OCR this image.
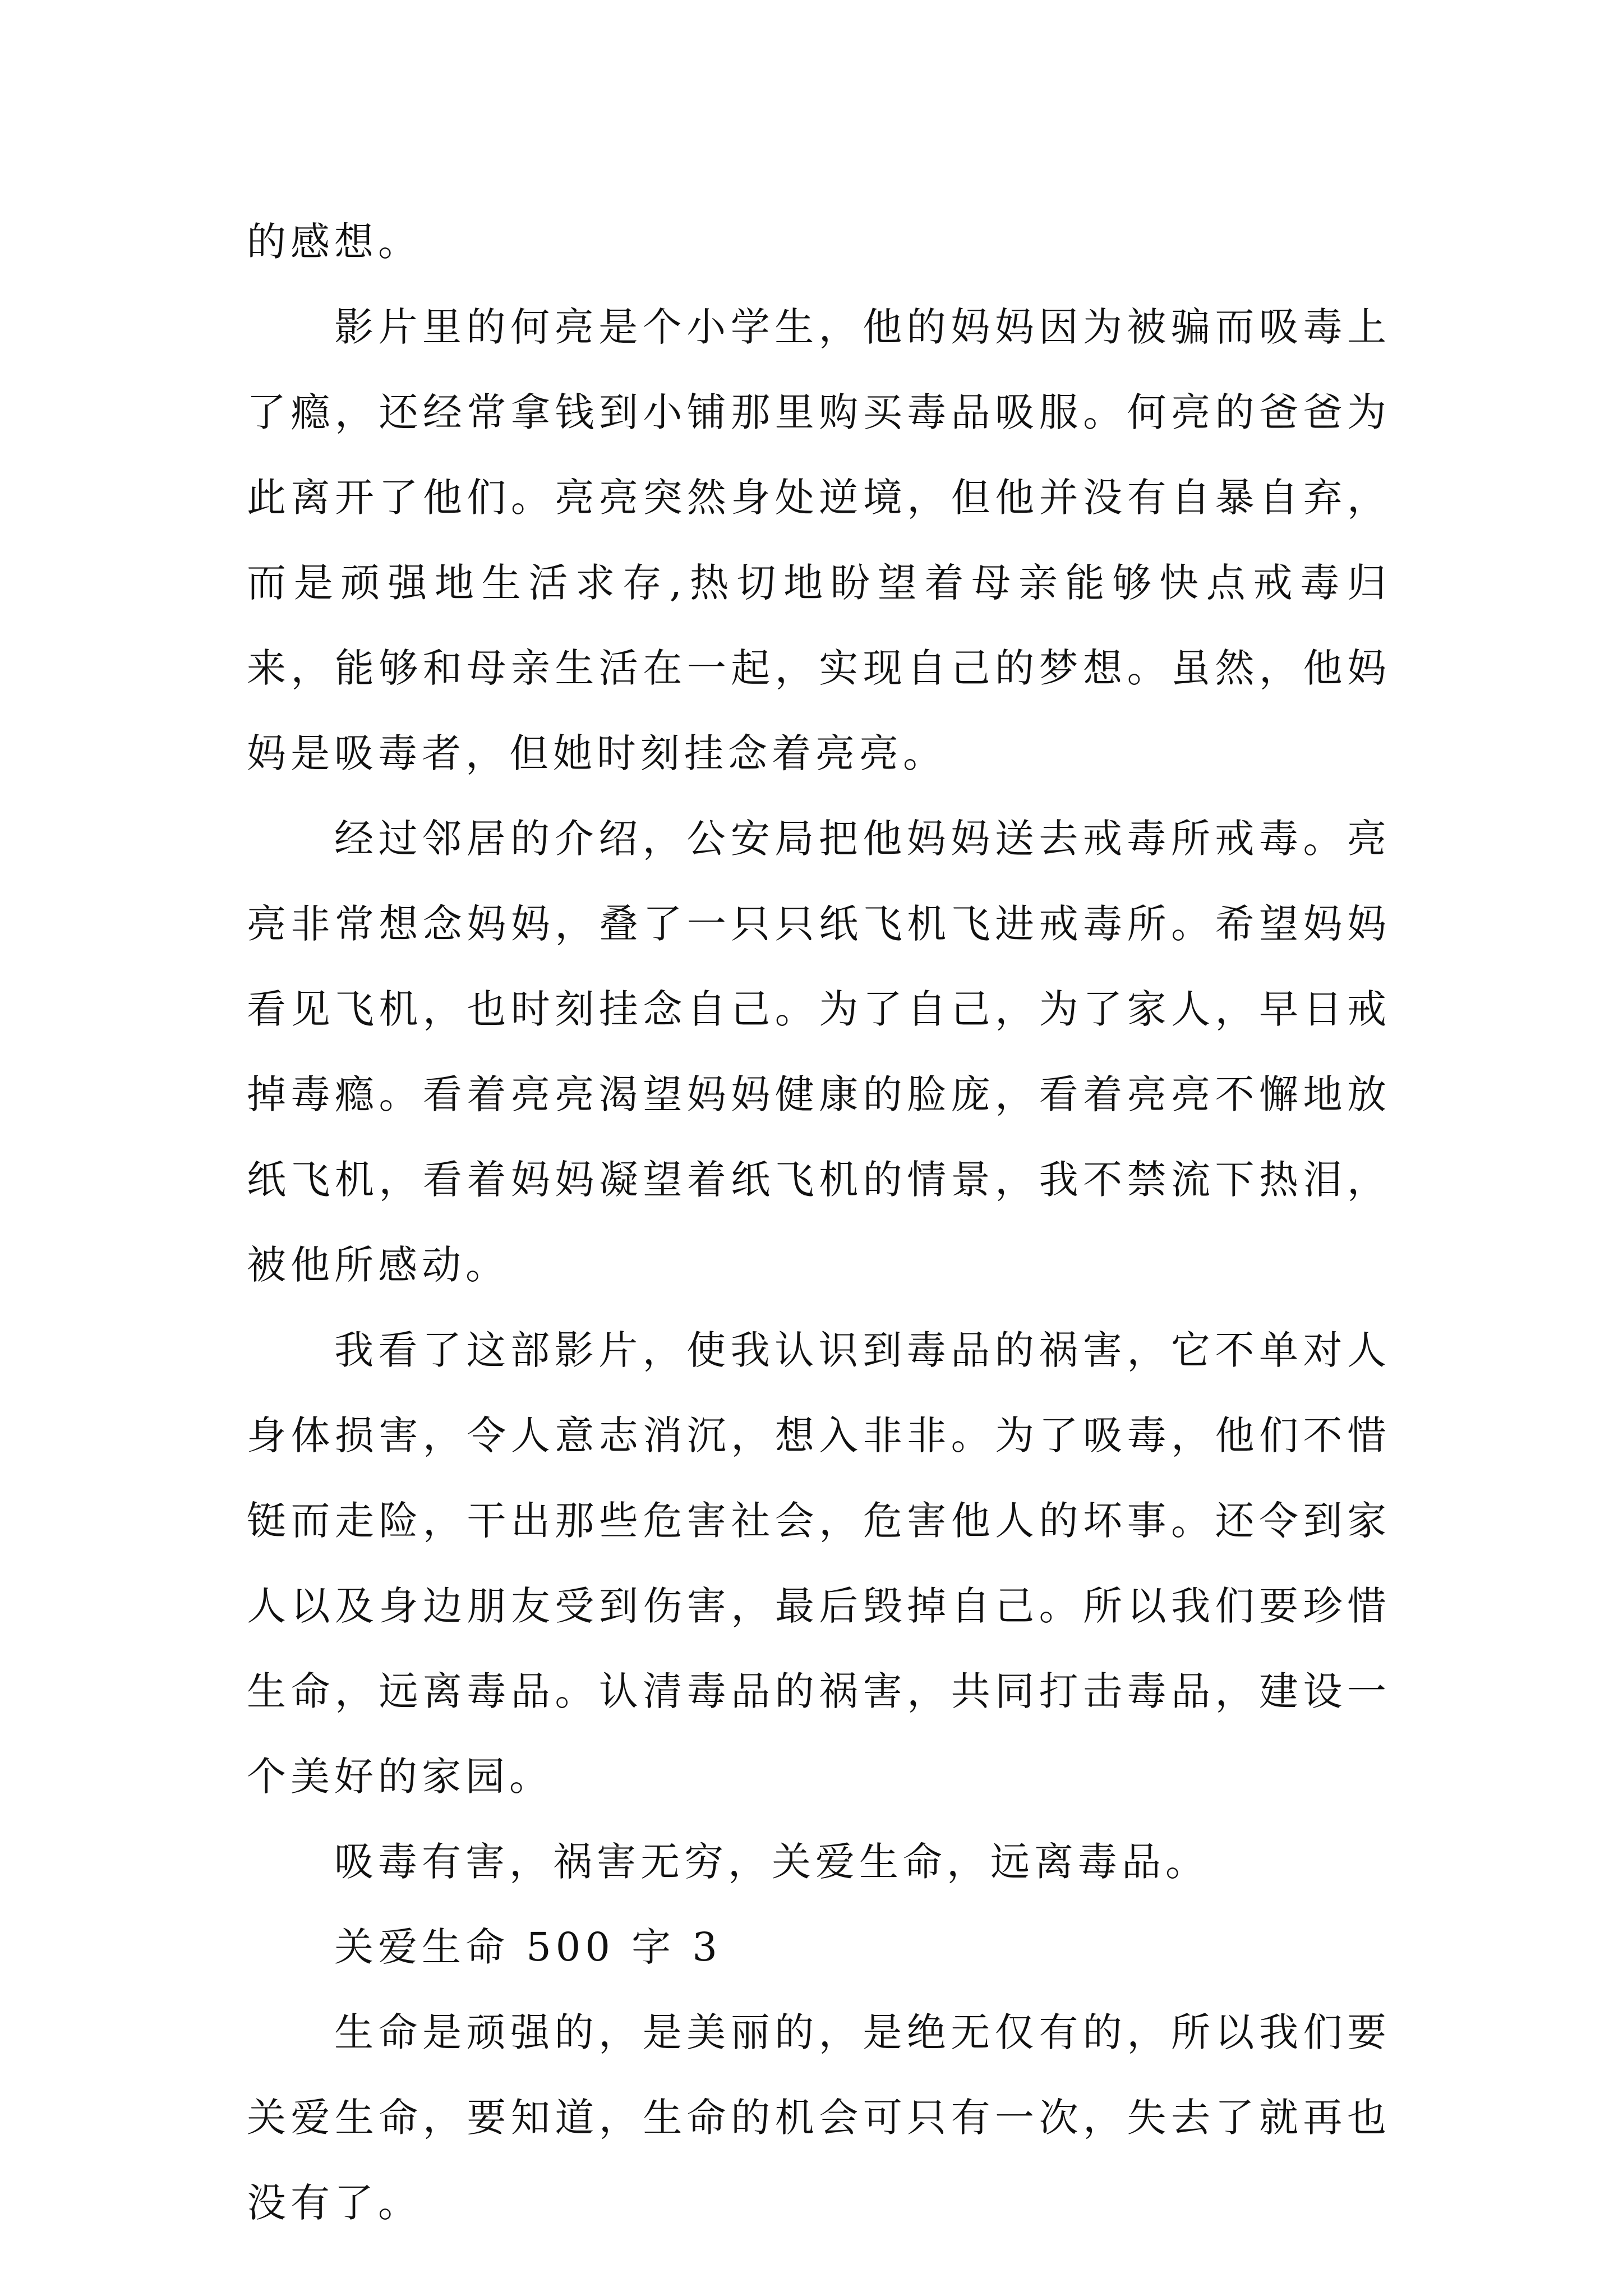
的感想。

影片里的何亮是个小学生，他的妈妈因为被骗而吸毒上了瘾，还经常拿钱到小铺那里购买毒品吸服。何亮的爸爸为此离开了他们。亮亮突然身处逆境，但他并没有自暴自弃，而是顽强地生活求存,热切地盼望着母亲能够快点戒毒归来，能够和母亲生活在一起，实现自己的梦想。虽然，他妈妈是吸毒者，但她时刻挂念着亮亮。

经过邻居的介绍，公安局把他妈妈送去戒毒所戒毒。亮亮非常想念妈妈，叠了一只只纸飞机飞进戒毒所。希望妈妈看见飞机，也时刻挂念自己。为了自己，为了家人，早日戒掉毒瘾。看着亮亮渴望妈妈健康的脸庞，看着亮亮不懈地放纸飞机，看着妈妈凝望着纸飞机的情景，我不禁流下热泪，被他所感动。

我看了这部影片，使我认识到毒品的祸害，它不单对人身体损害，令人意志消沉，想入非非。为了吸毒，他们不惜铤而走险，干出那些危害社会，危害他人的坏事。还令到家人以及身边朋友受到伤害，最后毁掉自己。所以我们要珍惜生命，远离毒品。认清毒品的祸害，共同打击毒品，建设一个美好的家园。

吸毒有害，祸害无穷，关爱生命，远离毒品。

关爱生命 500 字 3

生命是顽强的，是美丽的，是绝无仅有的，所以我们要关爱生命，要知道，生命的机会可只有一次，失去了就再也没有了。
